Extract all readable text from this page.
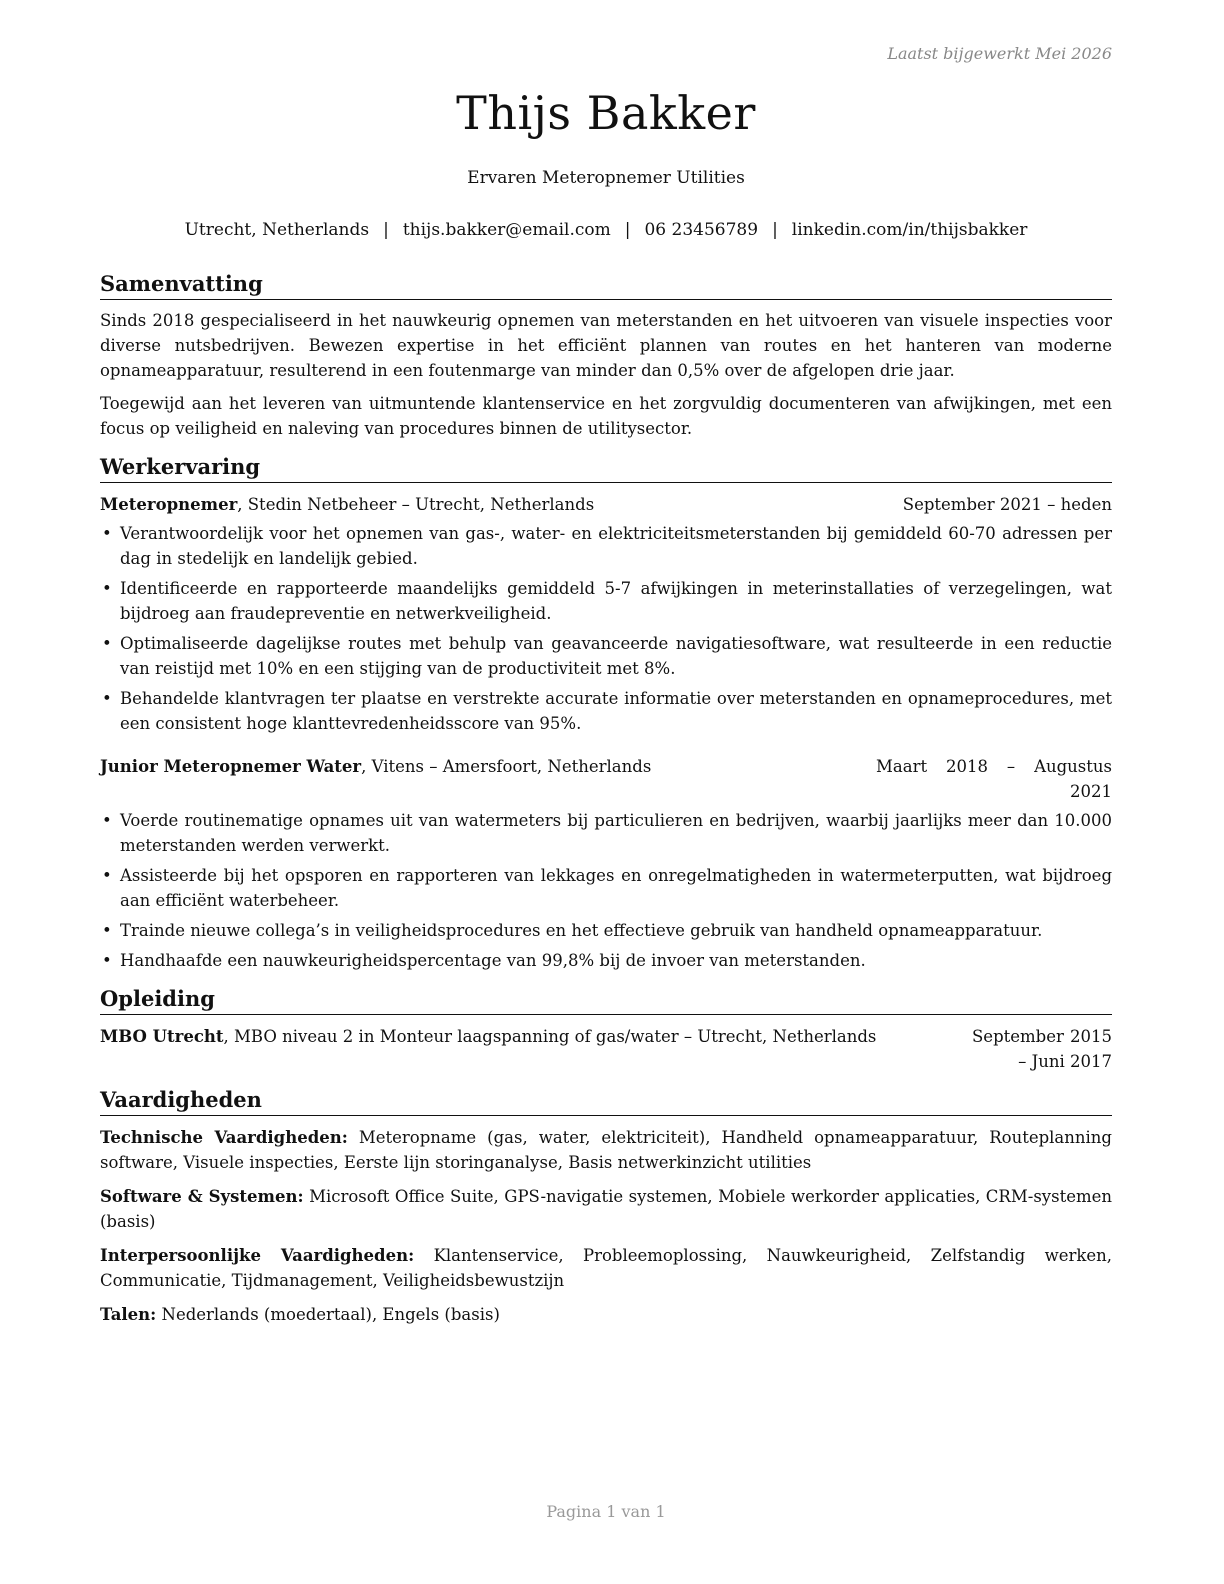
Laatst bijgewerkt Mei 2026
Thijs Bakker
Ervaren Meteropnemer Utilities
Utrecht, Netherlands | thijs.bakker@email.com | 06 23456789 | linkedin.com/in/thijsbakker
Samenvatting

Sinds 2018 gespecialiseerd in het nauwkeurig opnemen van meterstanden en het uitvoeren van visuele inspecties voor diverse nutsbedrijven. Bewezen expertise in het efficiënt plannen van routes en het hanteren van moderne opnameapparatuur, resulterend in een foutenmarge van minder dan 0,5% over de afgelopen drie jaar.

Toegewijd aan het leveren van uitmuntende klantenservice en het zorgvuldig documenteren van afwijkingen, met een focus op veiligheid en naleving van procedures binnen de utilitysector.

Werkervaring
Meteropnemer, Stedin Netbeheer – Utrecht, Netherlands	September 2021 – heden
• Verantwoordelijk voor het opnemen van gas-, water- en elektriciteitsmeterstanden bij gemiddeld 60-70 adressen per dag in stedelijk en landelijk gebied.
• Identificeerde en rapporteerde maandelijks gemiddeld 5-7 afwijkingen in meterinstallaties of verzegelingen, wat bijdroeg aan fraudepreventie en netwerkveiligheid.
• Optimaliseerde dagelijkse routes met behulp van geavanceerde navigatiesoftware, wat resulteerde in een reductie van reistijd met 10% en een stijging van de productiviteit met 8%.
• Behandelde klantvragen ter plaatse en verstrekte accurate informatie over meterstanden en opnameprocedures, met een consistent hoge klanttevredenheidsscore van 95%.
Junior Meteropnemer Water, Vitens – Amersfoort, Netherlands	Maart 2018 – Augustus 2021
• Voerde routinematige opnames uit van watermeters bij particulieren en bedrijven, waarbij jaarlijks meer dan 10.000 meterstanden werden verwerkt.
• Assisteerde bij het opsporen en rapporteren van lekkages en onregelmatigheden in watermeterputten, wat bijdroeg aan efficiënt waterbeheer.
• Trainde nieuwe collega’s in veiligheidsprocedures en het effectieve gebruik van handheld opnameapparatuur.
• Handhaafde een nauwkeurigheidspercentage van 99,8% bij de invoer van meterstanden.
Opleiding
MBO Utrecht, MBO niveau 2 in Monteur laagspanning of gas/water – Utrecht, Netherlands	September 2015 – Juni 2017
Vaardigheden

Technische Vaardigheden: Meteropname (gas, water, elektriciteit), Handheld opnameapparatuur, Routeplanning software, Visuele inspecties, Eerste lijn storinganalyse, Basis netwerkinzicht utilities

Software & Systemen: Microsoft Office Suite, GPS-navigatie systemen, Mobiele werkorder applicaties, CRM-systemen (basis)

Interpersoonlijke Vaardigheden: Klantenservice, Probleemoplossing, Nauwkeurigheid, Zelfstandig werken, Communicatie, Tijdmanagement, Veiligheidsbewustzijn

Talen: Nederlands (moedertaal), Engels (basis)

Pagina 1 van 1
